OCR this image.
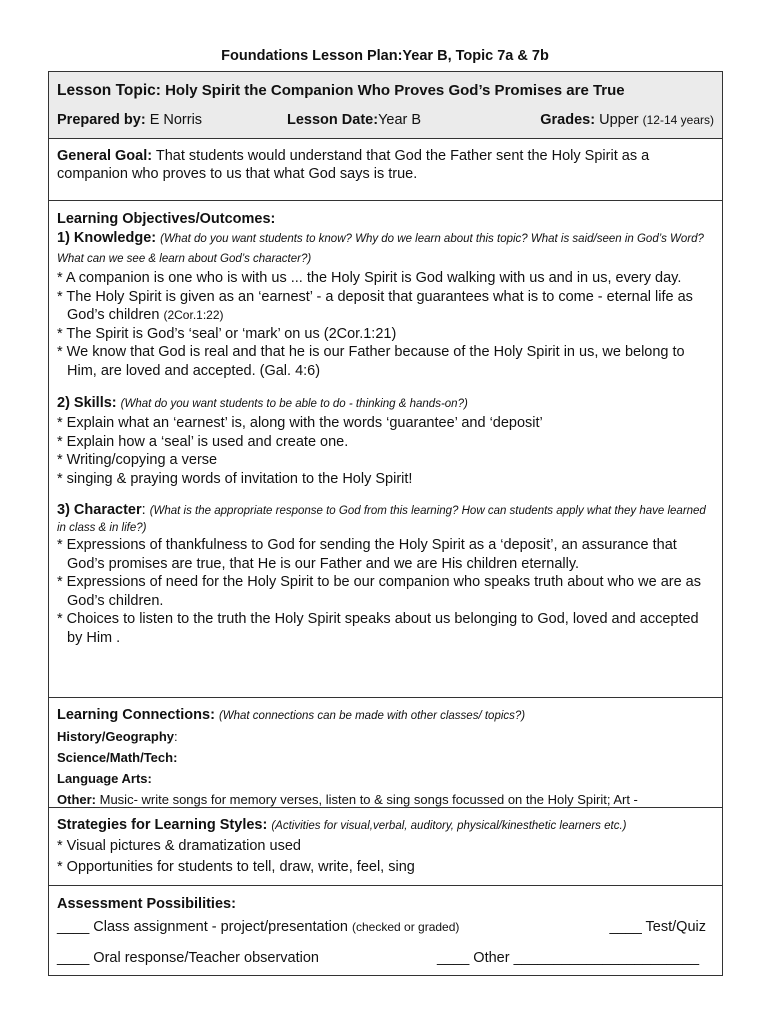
Foundations Lesson Plan:Year B, Topic 7a & 7b
Lesson Topic: Holy Spirit the Companion Who Proves God’s Promises are True
Prepared by: E Norris	Lesson Date:Year B	Grades: Upper (12-14 years)
General Goal: That students would understand that God the Father sent the Holy Spirit as a companion who proves to us that what God says is true.
Learning Objectives/Outcomes:
1) Knowledge: (What do you want students to know? Why do we learn about this topic? What is said/seen in God’s Word? What can we see & learn about God’s character?)
* A companion is one who is with us ... the Holy Spirit is God walking with us and in us, every day.
* The Holy Spirit is given as an ‘earnest’ - a deposit that guarantees what is to come - eternal life as God’s children (2Cor.1:22)
* The Spirit is God’s ‘seal’ or ‘mark’ on us (2Cor.1:21)
* We know that God is real and that he is our Father because of the Holy Spirit in us, we belong to Him, are loved and accepted. (Gal. 4:6)
2) Skills: (What do you want students to be able to do - thinking & hands-on?)
* Explain what an ‘earnest’ is, along with the words ‘guarantee’ and ‘deposit’
* Explain how a ‘seal’ is used and create one.
* Writing/copying a verse
* singing & praying words of invitation to the Holy Spirit!
3) Character: (What is the appropriate response to God from this learning? How can students apply what they have learned in class & in life?)
* Expressions of thankfulness to God for sending the Holy Spirit as a ‘deposit’, an assurance that God’s promises are true, that He is our Father and we are His children eternally.
* Expressions of need for the Holy Spirit to be our companion who speaks truth about who we are as God’s children.
* Choices to listen to the truth the Holy Spirit speaks about us belonging to God, loved and accepted by Him .
Learning Connections: (What connections can be made with other classes/ topics?)
History/Geography:
Science/Math/Tech:
Language Arts:
Other: Music- write songs for memory verses, listen to & sing songs focussed on the Holy Spirit; Art -
Strategies for Learning Styles: (Activities for visual,verbal, auditory, physical/kinesthetic learners etc.)
* Visual pictures & dramatization used
* Opportunities for students to tell, draw, write, feel, sing
Assessment Possibilities:
____ Class assignment - project/presentation (checked or graded)	____ Test/Quiz
____ Oral response/Teacher observation	____ Other _______________________
